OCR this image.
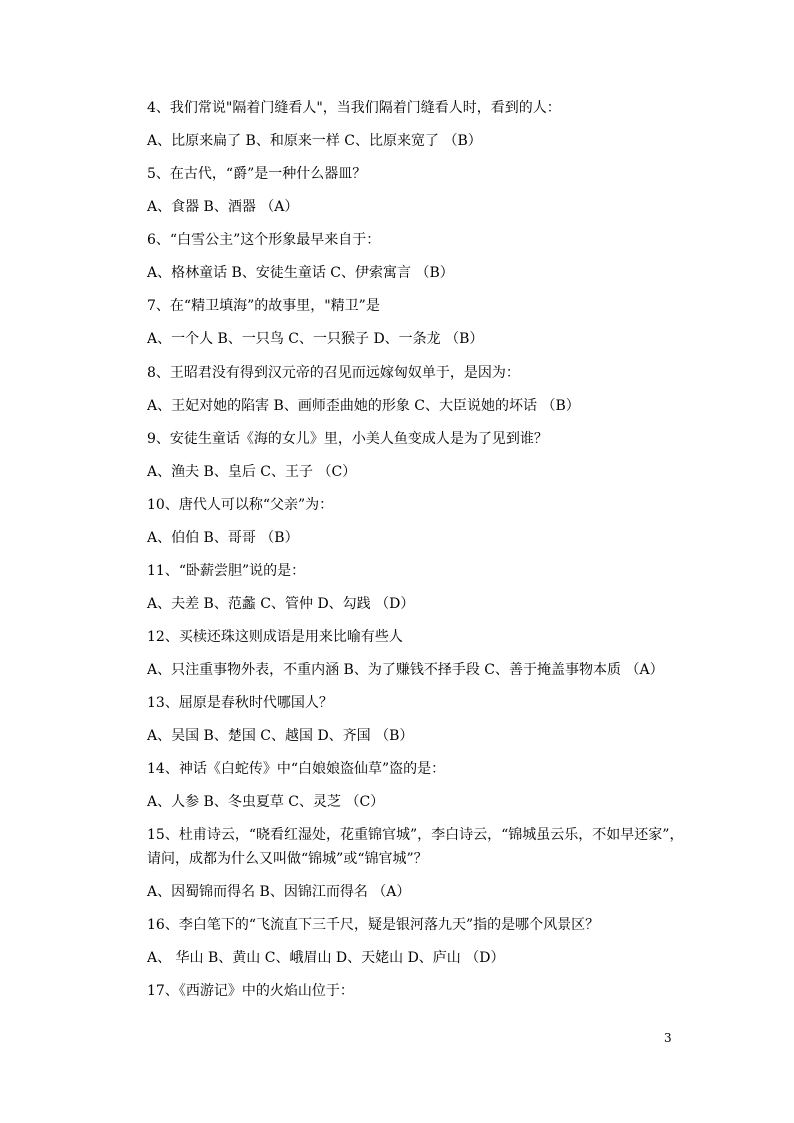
4、我们常说"隔着门缝看人"，当我们隔着门缝看人时，看到的人：
A、比原来扁了 B、和原来一样 C、比原来宽了 （B）
5、在古代，“爵”是一种什么器皿？
A、食器 B、酒器 （A）
6、“白雪公主”这个形象最早来自于：
A、格林童话 B、安徒生童话 C、伊索寓言 （B）
7、在“精卫填海”的故事里，"精卫”是
A、一个人 B、一只鸟 C、一只猴子 D、一条龙 （B）
8、王昭君没有得到汉元帝的召见而远嫁匈奴单于，是因为：
A、王妃对她的陷害 B、画师歪曲她的形象 C、大臣说她的坏话 （B）
9、安徒生童话《海的女儿》里，小美人鱼变成人是为了见到谁？
A、渔夫 B、皇后 C、王子 （C）
10、唐代人可以称“父亲”为：
A、伯伯 B、哥哥 （B）
11、“卧薪尝胆”说的是：
A、夫差 B、范蠡 C、管仲 D、勾践 （D）
12、买椟还珠这则成语是用来比喻有些人
A、只注重事物外表，不重内涵 B、为了赚钱不择手段 C、善于掩盖事物本质 （A）
13、屈原是春秋时代哪国人？
A、吴国 B、楚国 C、越国 D、齐国 （B）
14、神话《白蛇传》中“白娘娘盗仙草”盗的是：
A、人参 B、冬虫夏草 C、灵芝 （C）
15、杜甫诗云，“晓看红湿处，花重锦官城”，李白诗云，“锦城虽云乐，不如早还家”，
请问，成都为什么又叫做“锦城”或“锦官城”？
A、因蜀锦而得名 B、因锦江而得名 （A）
16、李白笔下的“飞流直下三千尺，疑是银河落九天”指的是哪个风景区？
A、 华山 B、黄山 C、峨眉山 D、天姥山 D、庐山 （D）
17、《西游记》中的火焰山位于：
3
